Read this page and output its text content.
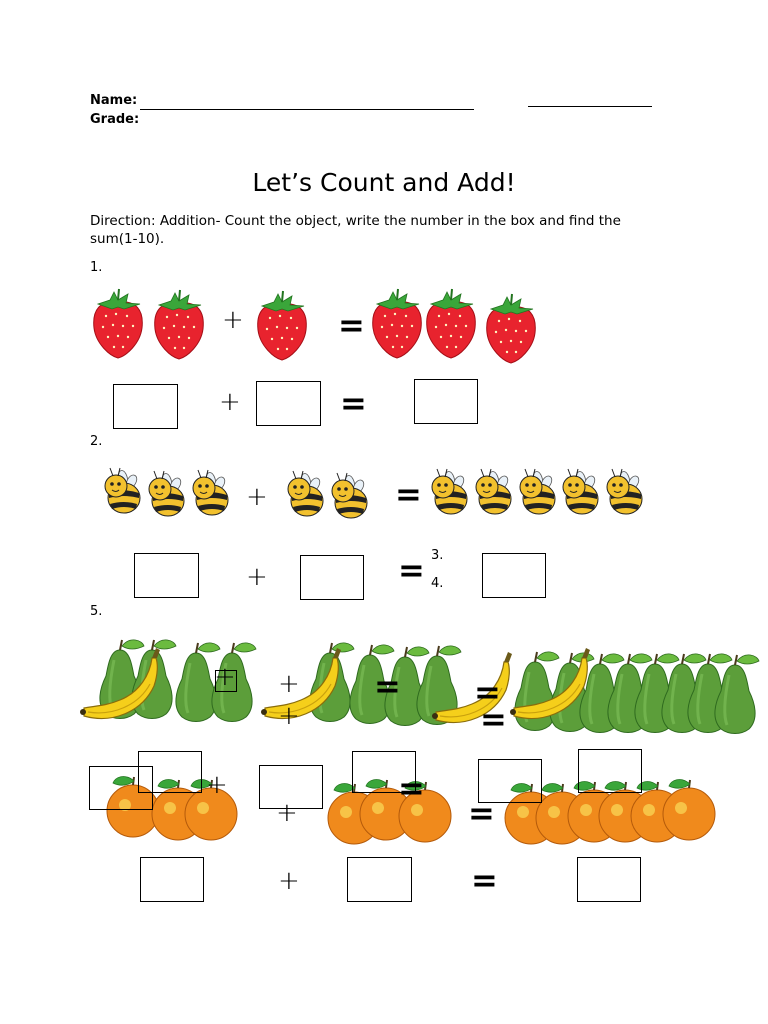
Name:
Grade:
Let’s Count and Add!
Direction: Addition- Count the object, write the number in the box and find the sum(1-10).
1.
2.
3.
4.
5.
+	=
+	=
+	=
+	=
+
+
+	= =
=
+
+
=
=
+	=
